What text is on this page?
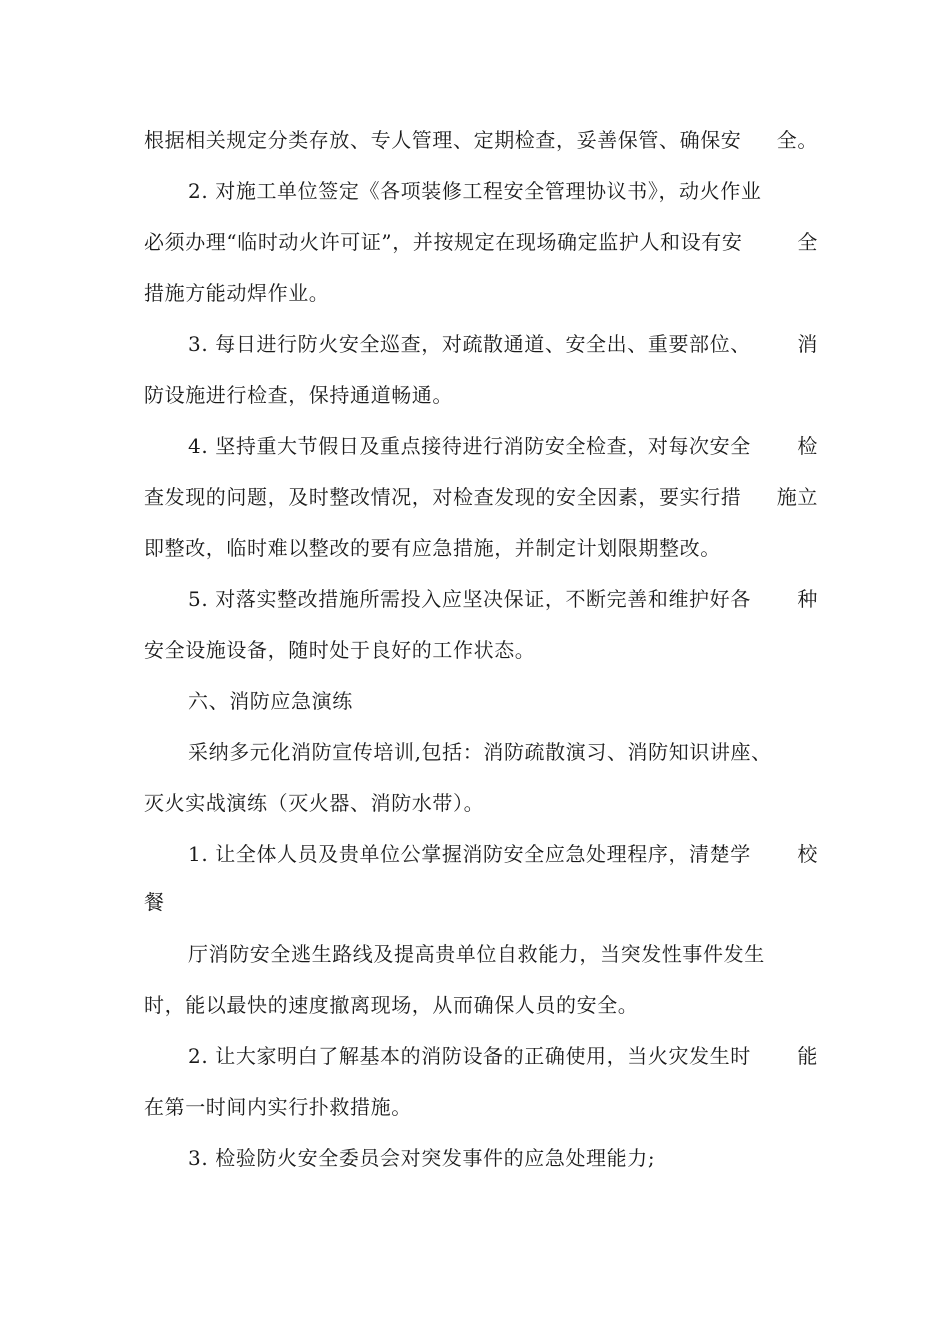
根据相关规定分类存放、专人管理、定期检查，妥善保管、确保安 全。
2. 对施工单位签定《各项装修工程安全管理协议书》，动火作业
必须办理“临时动火许可证”，并按规定在现场确定监护人和设有安	全
措施方能动焊作业。
3. 每日进行防火安全巡查，对疏散通道、安全出、重要部位、 消
防设施进行检查，保持通道畅通。
4. 坚持重大节假日及重点接待进行消防安全检查，对每次安全 检
查发现的问题，及时整改情况，对检查发现的安全因素，要实行措 施立
即整改，临时难以整改的要有应急措施，并制定计划限期整改。
5. 对落实整改措施所需投入应坚决保证，不断完善和维护好各 种
安全设施设备，随时处于良好的工作状态。
六、消防应急演练
采纳多元化消防宣传培训,包括：消防疏散演习、消防知识讲座、
灭火实战演练（灭火器、消防水带）。
1. 让全体人员及贵单位公掌握消防安全应急处理程序，清楚学 校
餐
厅消防安全逃生路线及提高贵单位自救能力，当突发性事件发生
时，能以最快的速度撤离现场，从而确保人员的安全。
2. 让大家明白了解基本的消防设备的正确使用，当火灾发生时 能
在第一时间内实行扑救措施。
3. 检验防火安全委员会对突发事件的应急处理能力;
